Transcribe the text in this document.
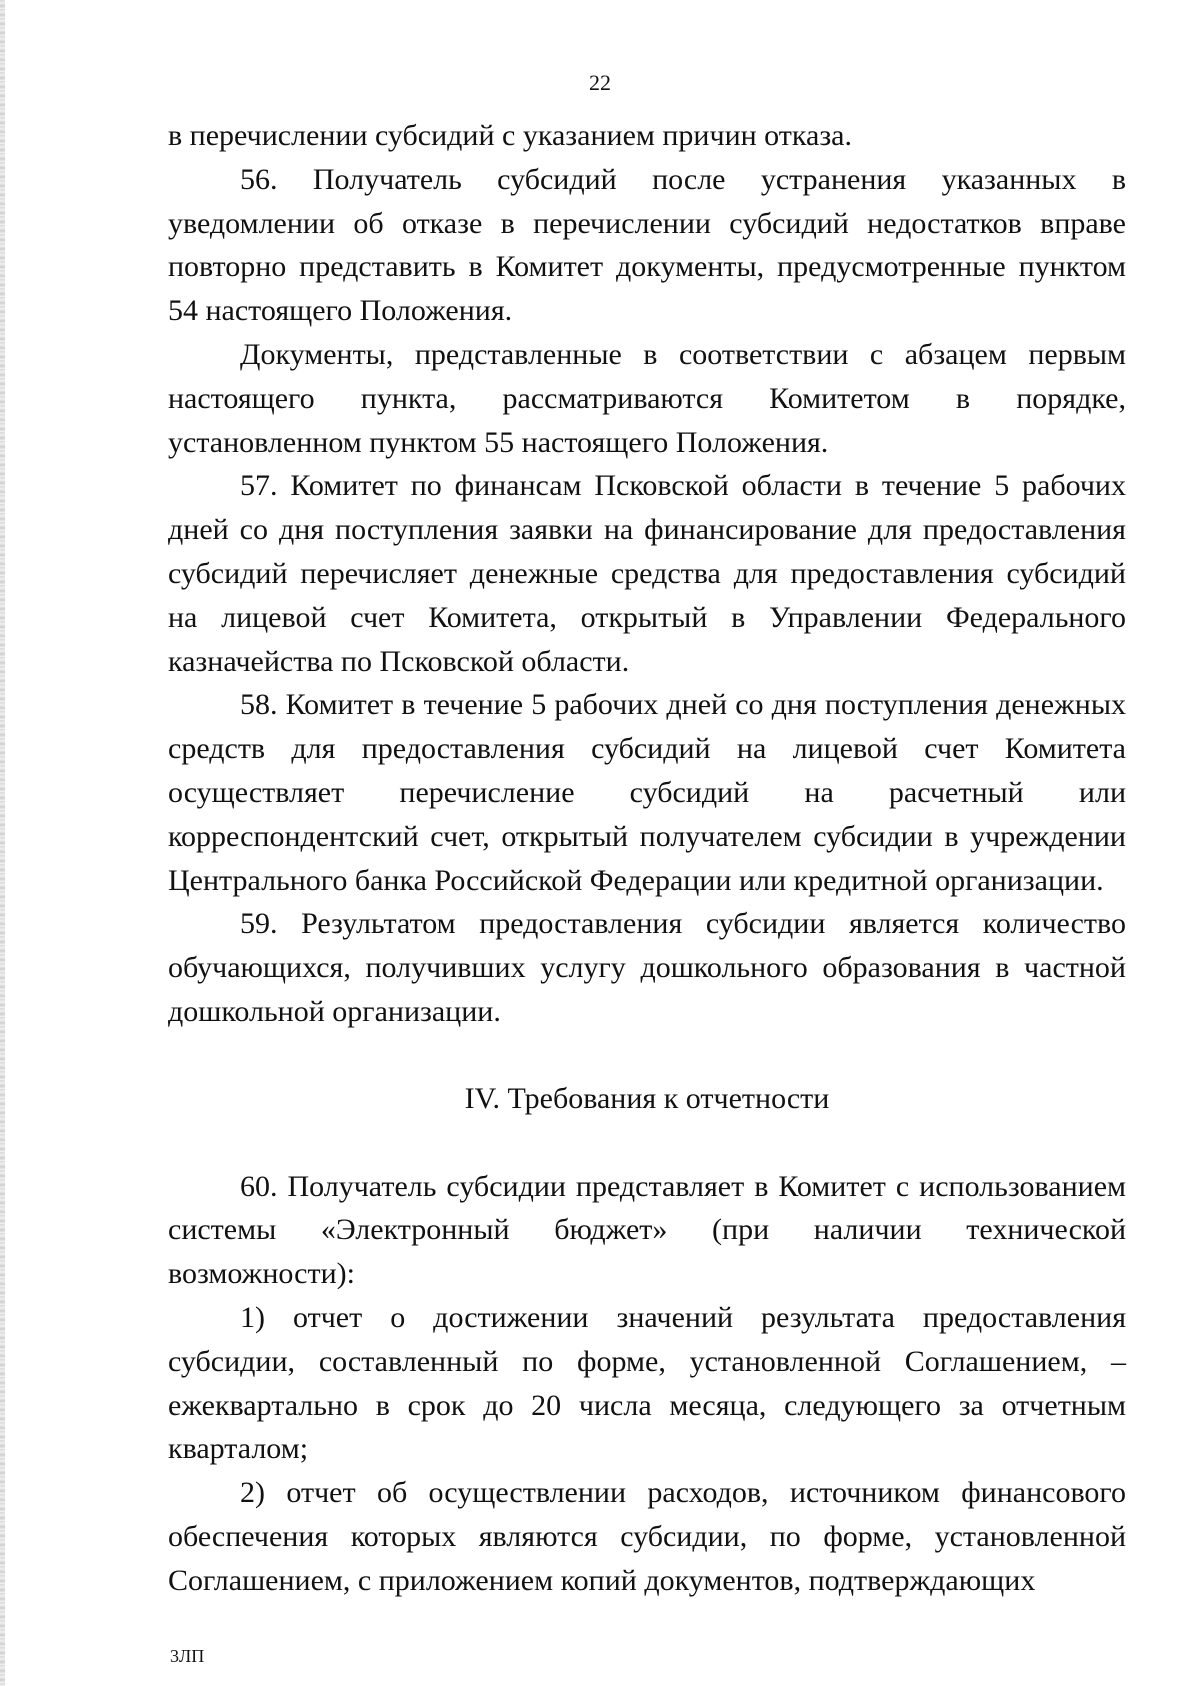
22

в перечислении субсидий с указанием причин отказа.

56. Получатель субсидий после устранения указанных в уведомлении об отказе в перечислении субсидий недостатков вправе повторно представить в Комитет документы, предусмотренные пунктом 54 настоящего Положения.

Документы, представленные в соответствии с абзацем первым настоящего пункта, рассматриваются Комитетом в порядке, установленном пунктом 55 настоящего Положения.

57. Комитет по финансам Псковской области в течение 5 рабочих дней со дня поступления заявки на финансирование для предоставления субсидий перечисляет денежные средства для предоставления субсидий на лицевой счет Комитета, открытый в Управлении Федерального казначейства по Псковской области.

58. Комитет в течение 5 рабочих дней со дня поступления денежных средств для предоставления субсидий на лицевой счет Комитета осуществляет перечисление субсидий на расчетный или корреспондентский счет, открытый получателем субсидии в учреждении Центрального банка Российской Федерации или кредитной организации.

59. Результатом предоставления субсидии является количество обучающихся, получивших услугу дошкольного образования в частной дошкольной организации.

IV. Требования к отчетности

60. Получатель субсидии представляет в Комитет с использованием системы «Электронный бюджет» (при наличии технической возможности):

1) отчет о достижении значений результата предоставления субсидии, составленный по форме, установленной Соглашением, – ежеквартально в срок до 20 числа месяца, следующего за отчетным кварталом;

2) отчет об осуществлении расходов, источником финансового обеспечения которых являются субсидии, по форме, установленной Соглашением, с приложением копий документов, подтверждающих

3ЛП
